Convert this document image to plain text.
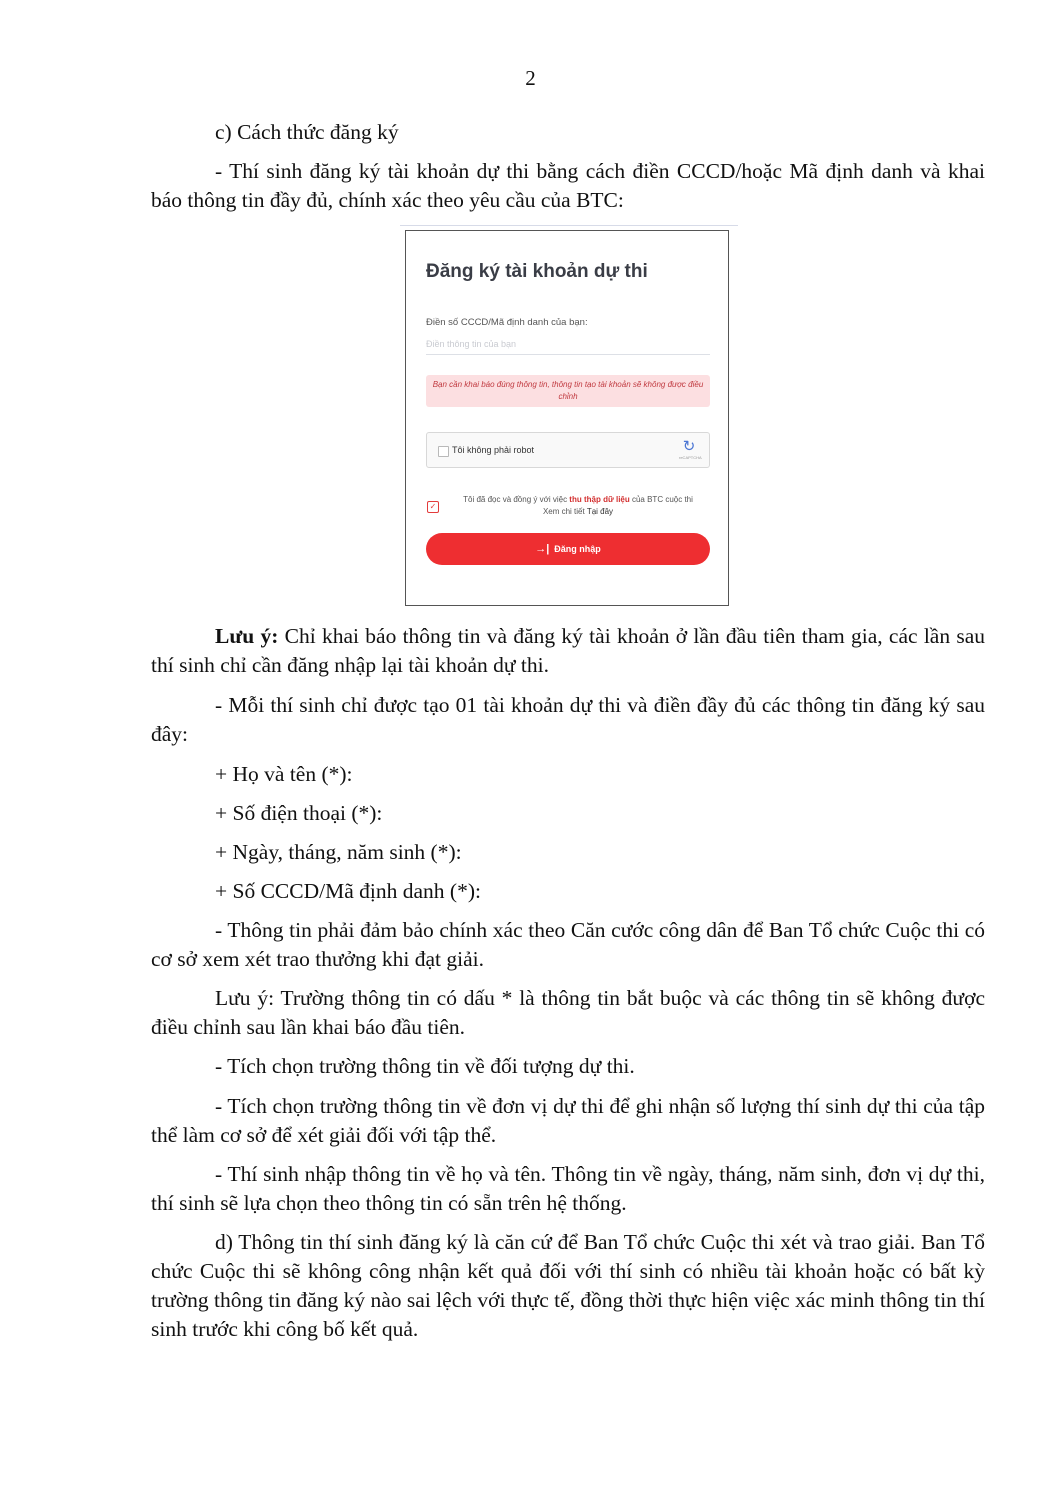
2
c) Cách thức đăng ký
- Thí sinh đăng ký tài khoản dự thi bằng cách điền CCCD/hoặc Mã định danh và khai báo thông tin đầy đủ, chính xác theo yêu cầu của BTC:
Đăng ký tài khoản dự thi
Điền số CCCD/Mã định danh của bạn:
Điền thông tin của bạn
Bạn cần khai báo đúng thông tin, thông tin tạo tài khoản sẽ không được điều chỉnh
Tôi không phải robot	↻
reCAPTCHA
✓
Tôi đã đọc và đồng ý với việc thu thập dữ liệu của BTC cuộc thi
Xem chi tiết Tại đây
→| Đăng nhập
Lưu ý: Chỉ khai báo thông tin và đăng ký tài khoản ở lần đầu tiên tham gia, các lần sau thí sinh chỉ cần đăng nhập lại tài khoản dự thi.
- Mỗi thí sinh chỉ được tạo 01 tài khoản dự thi và điền đầy đủ các thông tin đăng ký sau đây:
+ Họ và tên (*):
+ Số điện thoại (*):
+ Ngày, tháng, năm sinh (*):
+ Số CCCD/Mã định danh (*):
- Thông tin phải đảm bảo chính xác theo Căn cước công dân để Ban Tổ chức Cuộc thi có cơ sở xem xét trao thưởng khi đạt giải.
Lưu ý: Trường thông tin có dấu * là thông tin bắt buộc và các thông tin sẽ không được điều chỉnh sau lần khai báo đầu tiên.
- Tích chọn trường thông tin về đối tượng dự thi.
- Tích chọn trường thông tin về đơn vị dự thi để ghi nhận số lượng thí sinh dự thi của tập thể làm cơ sở để xét giải đối với tập thể.
- Thí sinh nhập thông tin về họ và tên. Thông tin về ngày, tháng, năm sinh, đơn vị dự thi, thí sinh sẽ lựa chọn theo thông tin có sẵn trên hệ thống.
d) Thông tin thí sinh đăng ký là căn cứ để Ban Tổ chức Cuộc thi xét và trao giải. Ban Tổ chức Cuộc thi sẽ không công nhận kết quả đối với thí sinh có nhiều tài khoản hoặc có bất kỳ trường thông tin đăng ký nào sai lệch với thực tế, đồng thời thực hiện việc xác minh thông tin thí sinh trước khi công bố kết quả.
